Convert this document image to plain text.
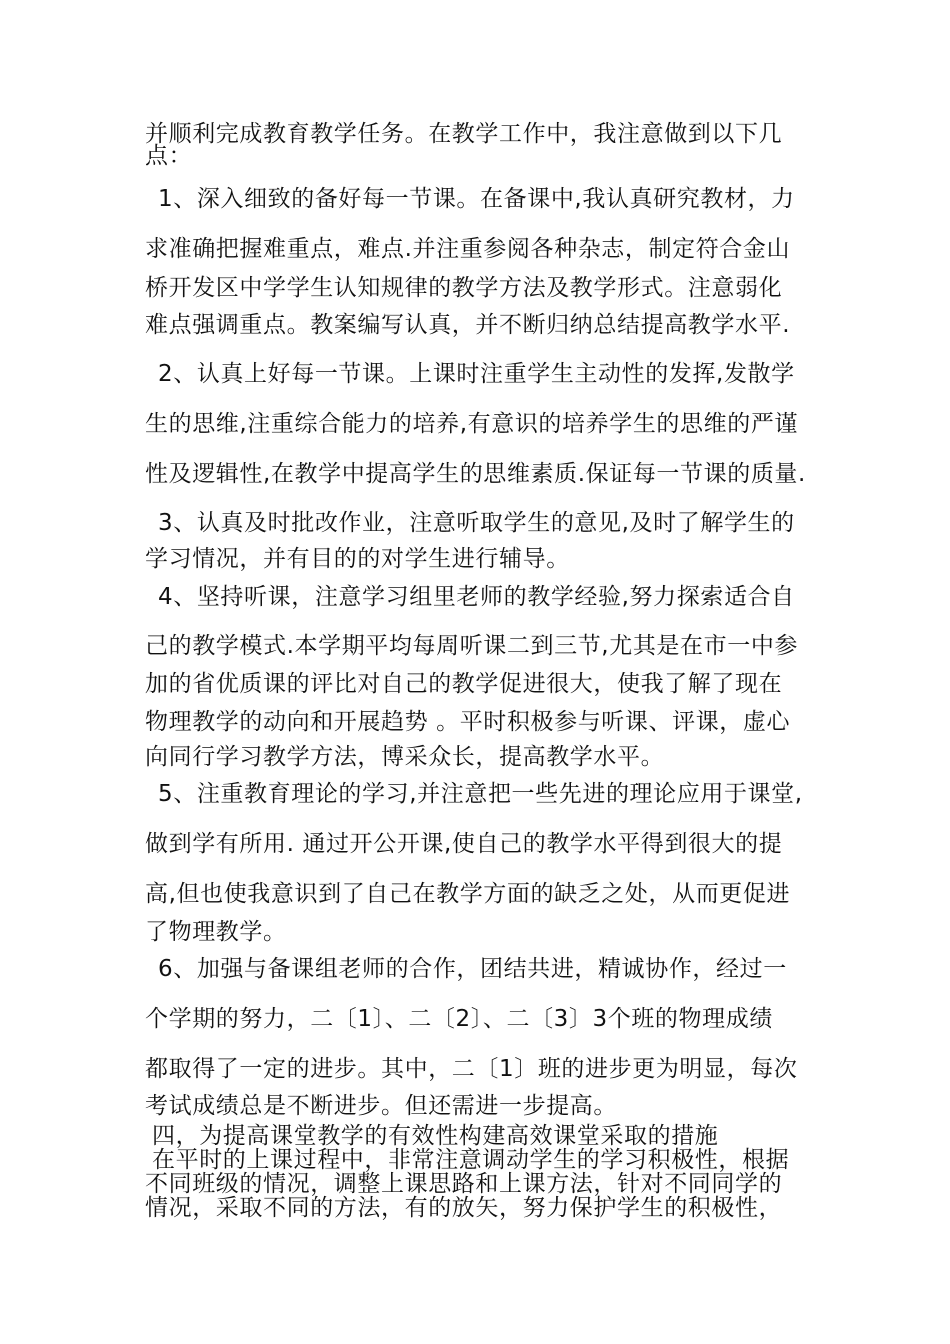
并顺利完成教育教学任务。在教学工作中，我注意做到以下几
点：
1、深入细致的备好每一节课。在备课中,我认真研究教材，力
求准确把握难重点，难点.并注重参阅各种杂志，制定符合金山
桥开发区中学学生认知规律的教学方法及教学形式。注意弱化
难点强调重点。教案编写认真，并不断归纳总结提高教学水平.
2、认真上好每一节课。上课时注重学生主动性的发挥,发散学
生的思维,注重综合能力的培养,有意识的培养学生的思维的严谨
性及逻辑性,在教学中提高学生的思维素质.保证每一节课的质量.
3、认真及时批改作业，注意听取学生的意见,及时了解学生的
学习情况，并有目的的对学生进行辅导。
4、坚持听课，注意学习组里老师的教学经验,努力探索适合自
己的教学模式.本学期平均每周听课二到三节,尤其是在市一中参
加的省优质课的评比对自己的教学促进很大，使我了解了现在
物理教学的动向和开展趋势 。平时积极参与听课、评课，虚心
向同行学习教学方法，博采众长，提高教学水平。
5、注重教育理论的学习,并注意把一些先进的理论应用于课堂,
做到学有所用. 通过开公开课,使自己的教学水平得到很大的提
高,但也使我意识到了自己在教学方面的缺乏之处，从而更促进
了物理教学。
6、加强与备课组老师的合作，团结共进，精诚协作，经过一
个学期的努力，二〔1〕、二〔2〕、二〔3〕3个班的物理成绩
都取得了一定的进步。其中，二〔1〕班的进步更为明显，每次
考试成绩总是不断进步。但还需进一步提高。
四，为提高课堂教学的有效性构建高效课堂采取的措施
在平时的上课过程中，非常注意调动学生的学习积极性，根据
不同班级的情况，调整上课思路和上课方法，针对不同同学的
情况，采取不同的方法，有的放矢，努力保护学生的积极性，
